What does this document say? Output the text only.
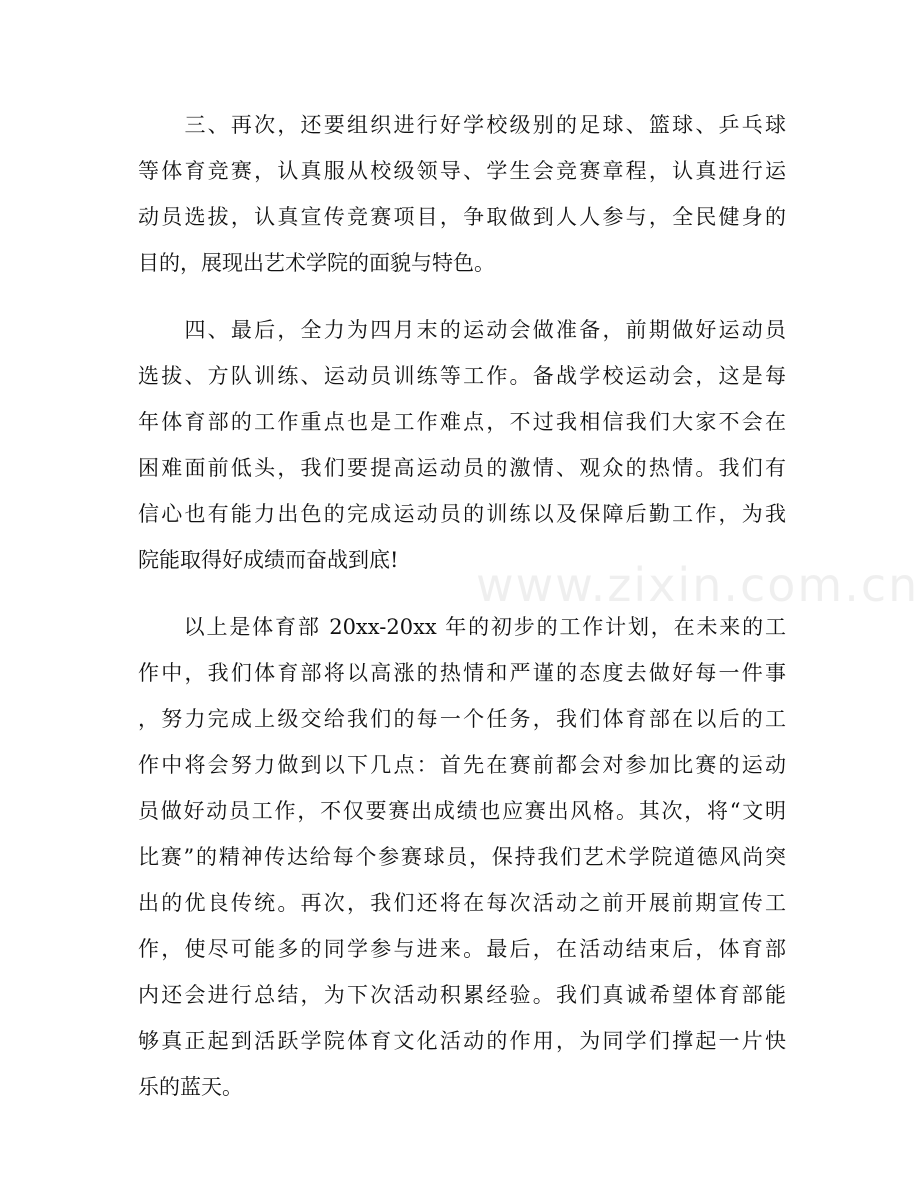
　　三、再次，还要组织进行好学校级别的足球、篮球、乒乓球
等体育竞赛，认真服从校级领导、学生会竞赛章程，认真进行运
动员选拔，认真宣传竞赛项目，争取做到人人参与，全民健身的
目的，展现出艺术学院的面貌与特色。
　　四、最后，全力为四月末的运动会做准备，前期做好运动员
选拔、方队训练、运动员训练等工作。备战学校运动会，这是每
年体育部的工作重点也是工作难点，不过我相信我们大家不会在
困难面前低头，我们要提高运动员的激情、观众的热情。我们有
信心也有能力出色的完成运动员的训练以及保障后勤工作，为我
院能取得好成绩而奋战到底!
　　以上是体育部 20xx-20xx 年的初步的工作计划，在未来的工
作中，我们体育部将以高涨的热情和严谨的态度去做好每一件事
，努力完成上级交给我们的每一个任务，我们体育部在以后的工
作中将会努力做到以下几点：首先在赛前都会对参加比赛的运动
员做好动员工作，不仅要赛出成绩也应赛出风格。其次，将“文明
比赛”的精神传达给每个参赛球员，保持我们艺术学院道德风尚突
出的优良传统。再次，我们还将在每次活动之前开展前期宣传工
作，使尽可能多的同学参与进来。最后，在活动结束后，体育部
内还会进行总结，为下次活动积累经验。我们真诚希望体育部能
够真正起到活跃学院体育文化活动的作用，为同学们撑起一片快
乐的蓝天。
www.zixin.com.cn
